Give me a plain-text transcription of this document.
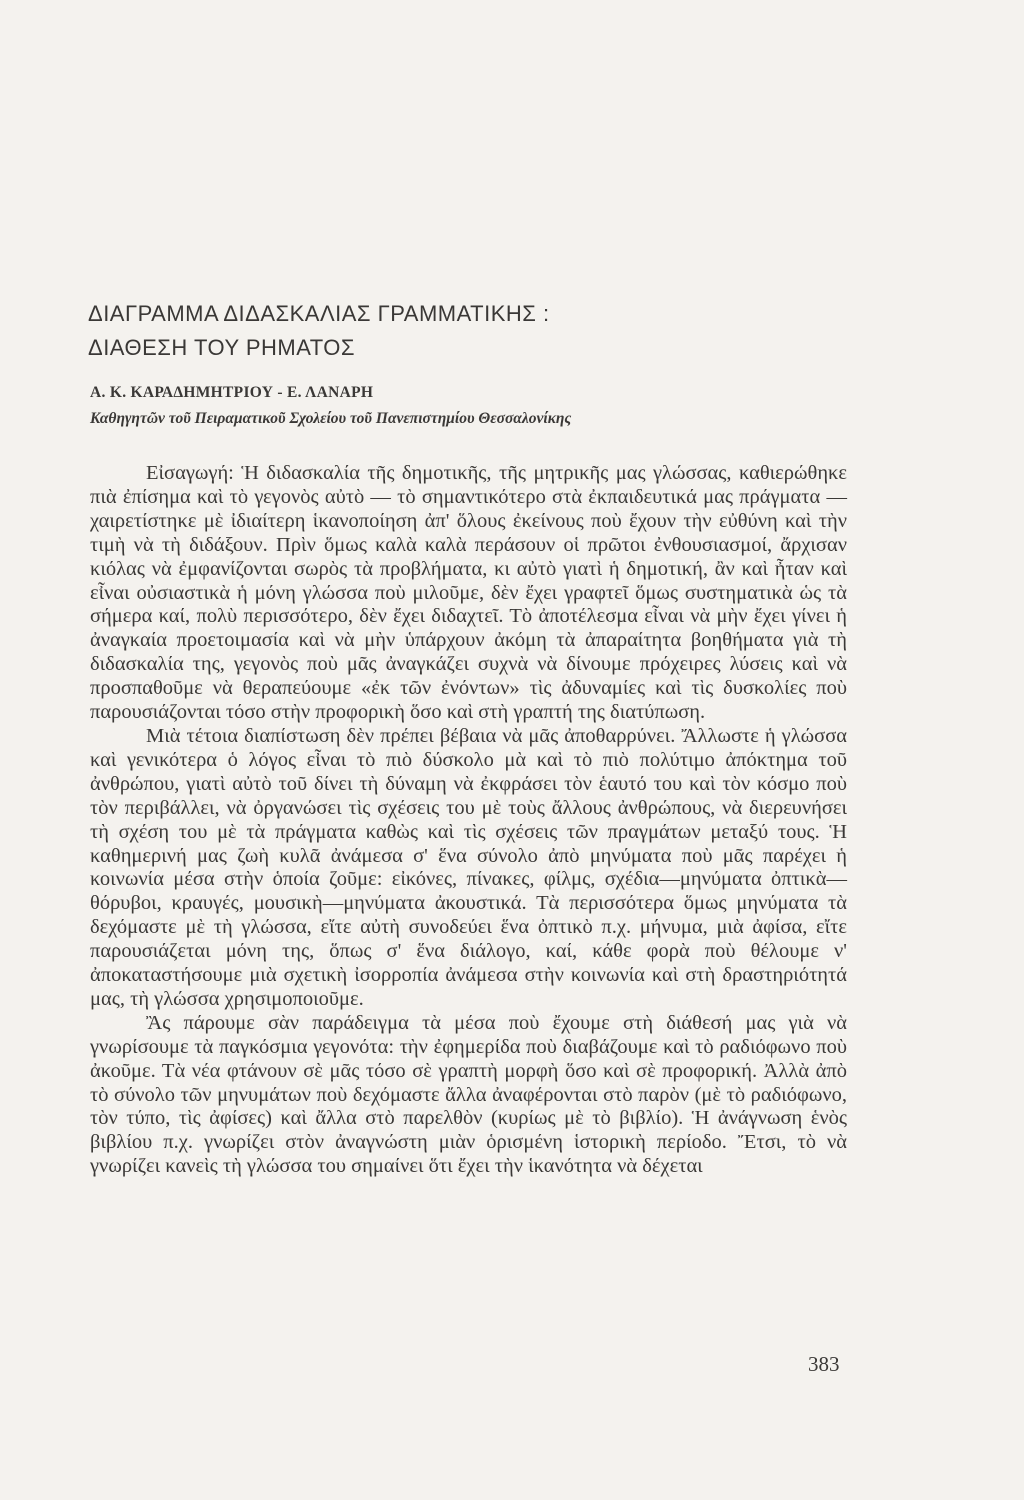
ΔΙΑΓΡΑΜΜΑ ΔΙΔΑΣΚΑΛΙΑΣ ΓΡΑΜΜΑΤΙΚΗΣ :
ΔΙΑΘΕΣΗ ΤΟΥ ΡΗΜΑΤΟΣ
Α. Κ. ΚΑΡΑΔΗΜΗΤΡΙΟΥ - Ε. ΛΑΝΑΡΗ
Καθηγητῶν τοῦ Πειραματικοῦ Σχολείου τοῦ Πανεπιστημίου Θεσσαλονίκης

Εἰσαγωγή: Ἡ διδασκαλία τῆς δημοτικῆς, τῆς μητρικῆς μας γλώσσας, καθιερώθηκε πιὰ ἐπίσημα καὶ τὸ γεγονὸς αὐτὸ — τὸ σημαντικότερο στὰ ἐκπαιδευτικά μας πράγματα — χαιρετίστηκε μὲ ἰδιαίτερη ἱκανοποίηση ἀπ' ὅλους ἐκείνους ποὺ ἔχουν τὴν εὐθύνη καὶ τὴν τιμὴ νὰ τὴ διδάξουν. Πρὶν ὅμως καλὰ καλὰ περάσουν οἱ πρῶτοι ἐνθουσιασμοί, ἄρχισαν κιόλας νὰ ἐμφανίζονται σωρὸς τὰ προβλήματα, κι αὐτὸ γιατὶ ἡ δημοτική, ἂν καὶ ἦταν καὶ εἶναι οὐσιαστικὰ ἡ μόνη γλώσσα ποὺ μιλοῦμε, δὲν ἔχει γραφτεῖ ὅμως συστηματικὰ ὡς τὰ σήμερα καί, πολὺ περισσότερο, δὲν ἔχει διδαχτεῖ. Τὸ ἀποτέλεσμα εἶναι νὰ μὴν ἔχει γίνει ἡ ἀναγκαία προετοιμασία καὶ νὰ μὴν ὑπάρχουν ἀκόμη τὰ ἀπαραίτητα βοηθήματα γιὰ τὴ διδασκαλία της, γεγονὸς ποὺ μᾶς ἀναγκάζει συχνὰ νὰ δίνουμε πρόχειρες λύσεις καὶ νὰ προσπαθοῦμε νὰ θεραπεύουμε «ἐκ τῶν ἐνόντων» τὶς ἀδυναμίες καὶ τὶς δυσκολίες ποὺ παρουσιάζονται τόσο στὴν προφορικὴ ὅσο καὶ στὴ γραπτή της διατύπωση.

Μιὰ τέτοια διαπίστωση δὲν πρέπει βέβαια νὰ μᾶς ἀποθαρρύνει. Ἄλλωστε ἡ γλώσσα καὶ γενικότερα ὁ λόγος εἶναι τὸ πιὸ δύσκολο μὰ καὶ τὸ πιὸ πολύτιμο ἀπόκτημα τοῦ ἀνθρώπου, γιατὶ αὐτὸ τοῦ δίνει τὴ δύναμη νὰ ἐκφράσει τὸν ἑαυτό του καὶ τὸν κόσμο ποὺ τὸν περιβάλλει, νὰ ὀργανώσει τὶς σχέσεις του μὲ τοὺς ἄλλους ἀνθρώπους, νὰ διερευνήσει τὴ σχέση του μὲ τὰ πράγματα καθὼς καὶ τὶς σχέσεις τῶν πραγμάτων μεταξύ τους. Ἡ καθημερινή μας ζωὴ κυλᾶ ἀνάμεσα σ' ἕνα σύνολο ἀπὸ μηνύματα ποὺ μᾶς παρέχει ἡ κοινωνία μέσα στὴν ὁποία ζοῦμε: εἰκόνες, πίνακες, φίλμς, σχέδια—μηνύματα ὀπτικὰ—θόρυβοι, κραυγές, μουσικὴ—μηνύματα ἀκουστικά. Τὰ περισσότερα ὅμως μηνύματα τὰ δεχόμαστε μὲ τὴ γλώσσα, εἴτε αὐτὴ συνοδεύει ἕνα ὀπτικὸ π.χ. μήνυμα, μιὰ ἀφίσα, εἴτε παρουσιάζεται μόνη της, ὅπως σ' ἕνα διάλογο, καί, κάθε φορὰ ποὺ θέλουμε ν' ἀποκαταστήσουμε μιὰ σχετικὴ ἰσορροπία ἀνάμεσα στὴν κοινωνία καὶ στὴ δραστηριότητά μας, τὴ γλώσσα χρησιμοποιοῦμε.

Ἂς πάρουμε σὰν παράδειγμα τὰ μέσα ποὺ ἔχουμε στὴ διάθεσή μας γιὰ νὰ γνωρίσουμε τὰ παγκόσμια γεγονότα: τὴν ἐφημερίδα ποὺ διαβάζουμε καὶ τὸ ραδιόφωνο ποὺ ἀκοῦμε. Τὰ νέα φτάνουν σὲ μᾶς τόσο σὲ γραπτὴ μορφὴ ὅσο καὶ σὲ προφορική. Ἀλλὰ ἀπὸ τὸ σύνολο τῶν μηνυμάτων ποὺ δεχόμαστε ἄλλα ἀναφέρονται στὸ παρὸν (μὲ τὸ ραδιόφωνο, τὸν τύπο, τὶς ἀφίσες) καὶ ἄλλα στὸ παρελθὸν (κυρίως μὲ τὸ βιβλίο). Ἡ ἀνάγνωση ἑνὸς βιβλίου π.χ. γνωρίζει στὸν ἀναγνώστη μιὰν ὁρισμένη ἱστορικὴ περίοδο. Ἔτσι, τὸ νὰ γνωρίζει κανεὶς τὴ γλώσσα του σημαίνει ὅτι ἔχει τὴν ἱκανότητα νὰ δέχεται

383
